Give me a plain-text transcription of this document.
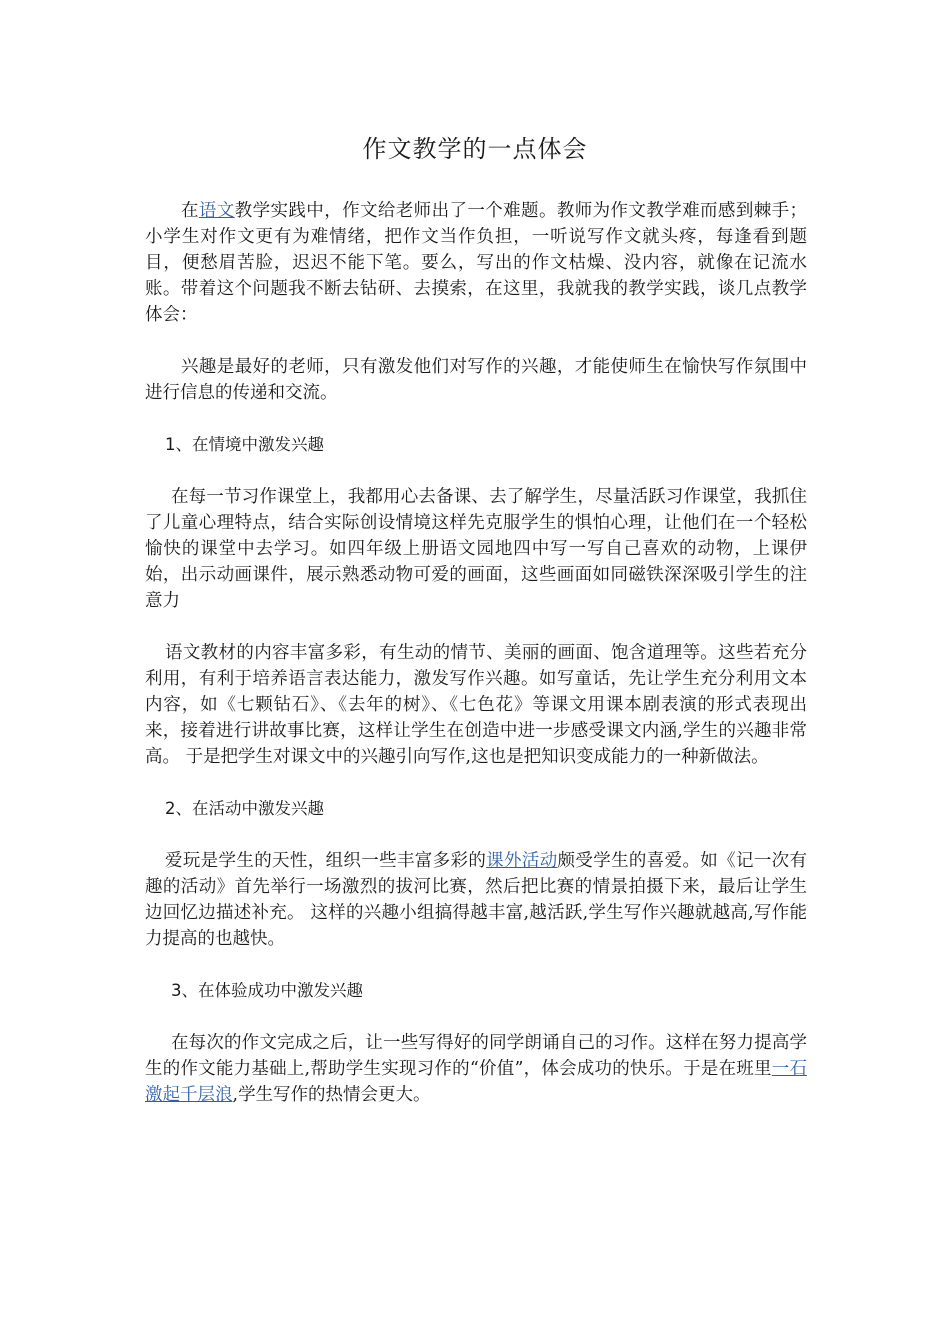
作文教学的一点体会

在语文教学实践中，作文给老师出了一个难题。教师为作文教学难而感到棘手；小学生对作文更有为难情绪，把作文当作负担，一听说写作文就头疼，每逢看到题目，便愁眉苦脸，迟迟不能下笔。要么，写出的作文枯燥、没内容，就像在记流水账。带着这个问题我不断去钻研、去摸索，在这里，我就我的教学实践，谈几点教学体会：

兴趣是最好的老师，只有激发他们对写作的兴趣，才能使师生在愉快写作氛围中进行信息的传递和交流。

1、在情境中激发兴趣

在每一节习作课堂上，我都用心去备课、去了解学生，尽量活跃习作课堂，我抓住了儿童心理特点，结合实际创设情境这样先克服学生的惧怕心理，让他们在一个轻松愉快的课堂中去学习。如四年级上册语文园地四中写一写自己喜欢的动物，上课伊始，出示动画课件，展示熟悉动物可爱的画面，这些画面如同磁铁深深吸引学生的注意力

语文教材的内容丰富多彩，有生动的情节、美丽的画面、饱含道理等。这些若充分利用，有利于培养语言表达能力，激发写作兴趣。如写童话，先让学生充分利用文本内容，如《七颗钻石》、《去年的树》、《七色花》等课文用课本剧表演的形式表现出来，接着进行讲故事比赛，这样让学生在创造中进一步感受课文内涵,学生的兴趣非常高。 于是把学生对课文中的兴趣引向写作,这也是把知识变成能力的一种新做法。

2、在活动中激发兴趣

爱玩是学生的天性，组织一些丰富多彩的课外活动颇受学生的喜爱。如《记一次有趣的活动》首先举行一场激烈的拔河比赛，然后把比赛的情景拍摄下来，最后让学生边回忆边描述补充。 这样的兴趣小组搞得越丰富,越活跃,学生写作兴趣就越高,写作能力提高的也越快。

3、在体验成功中激发兴趣

在每次的作文完成之后，让一些写得好的同学朗诵自己的习作。这样在努力提高学生的作文能力基础上,帮助学生实现习作的“价值”，体会成功的快乐。于是在班里一石激起千层浪,学生写作的热情会更大。
